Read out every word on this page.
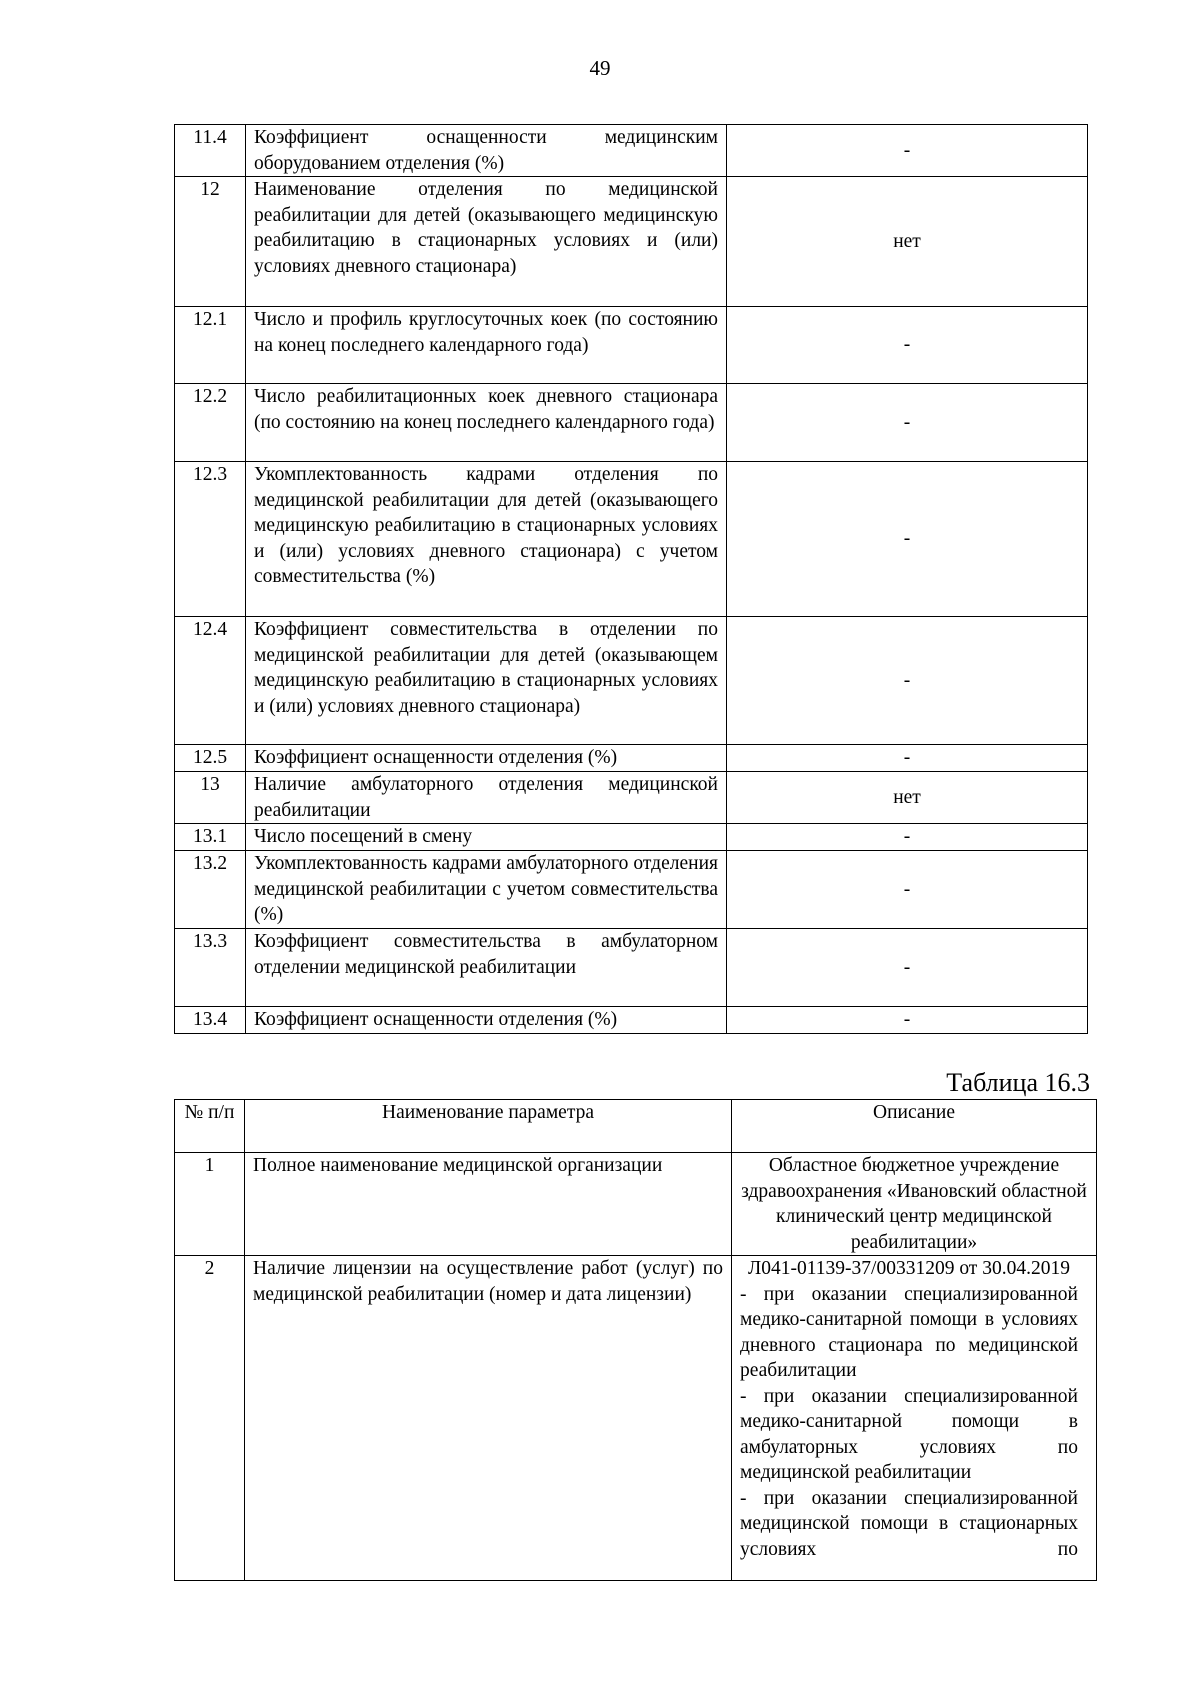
49
11.4	Коэффициент оснащенности медицинским оборудованием отделения (%)	-
12	Наименование отделения по медицинской реабилитации для детей (оказывающего медицинскую реабилитацию в стационарных условиях и (или) условиях дневного стационара)	нет
12.1	Число и профиль круглосуточных коек (по состоянию на конец последнего календарного года)	-
12.2	Число реабилитационных коек дневного стационара (по состоянию на конец последнего календарного года)	-
12.3	Укомплектованность кадрами отделения по медицинской реабилитации для детей (оказывающего медицинскую реабилитацию в стационарных условиях и (или) условиях дневного стационара) с учетом совместительства (%)	-
12.4	Коэффициент совместительства в отделении по медицинской реабилитации для детей (оказывающем медицинскую реабилитацию в стационарных условиях и (или) условиях дневного стационара)	-
12.5	Коэффициент оснащенности отделения (%)	-
13	Наличие амбулаторного отделения медицинской реабилитации	нет
13.1	Число посещений в смену	-
13.2	Укомплектованность кадрами амбулаторного отделения медицинской реабилитации с учетом совместительства (%)	-
13.3	Коэффициент совместительства в амбулаторном отделении медицинской реабилитации	-
13.4	Коэффициент оснащенности отделения (%)	-
Таблица 16.3
№ п/п	Наименование параметра	Описание
1	Полное наименование медицинской организации	Областное бюджетное учреждение здравоохранения «Ивановский областной клинический центр медицинской реабилитации»
2	Наличие лицензии на осуществление работ (услуг) по медицинской реабилитации (номер и дата лицензии)	Л041-01139-37/00331209 от 30.04.2019
- при оказании специализированной медико-санитарной помощи в условиях дневного стационара по медицинской реабилитации
- при оказании специализированной медико-санитарной помощи в амбулаторных условиях по медицинской реабилитации
- при оказании специализированной медицинской помощи в стационарных условиях по
